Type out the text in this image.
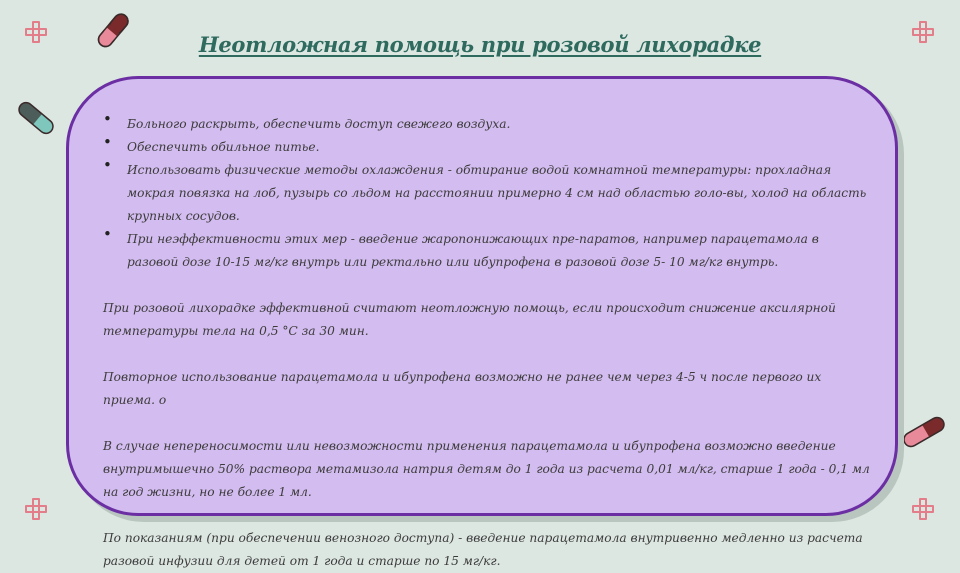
Неотложная помощь при розовой лихорадке
• Больного раскрыть, обеспечить доступ свежего воздуха.
• Обеспечить обильное питье.
• Использовать физические методы охлаждения - обтирание водой комнатной температуры: прохладная мокрая повязка на лоб, пузырь со льдом на расстоянии примерно 4 см над областью голо-вы, холод на область крупных сосудов.
• При неэффективности этих мер - введение жаропонижающих пре-паратов, например парацетамола в разовой дозе 10-15 мг/кг внутрь или ректально или ибупрофена в разовой дозе 5- 10 мг/кг внутрь.

При розовой лихорадке эффективной считают неотложную помощь, если происходит снижение аксилярной температуры тела на 0,5 °С за 30 мин.

Повторное использование парацетамола и ибупрофена возможно не ранее чем через 4-5 ч после первого их приема. о

В случае непереносимости или невозможности применения парацетамола и ибупрофена возможно введение внутримышечно 50% раствора метамизола натрия детям до 1 года из расчета 0,01 мл/кг, старше 1 года - 0,1 мл на год жизни, но не более 1 мл.

По показаниям (при обеспечении венозного доступа) - введение парацетамола внутривенно медленно из расчета разовой инфузии для детей от 1 года и старше по 15 мг/кг.
